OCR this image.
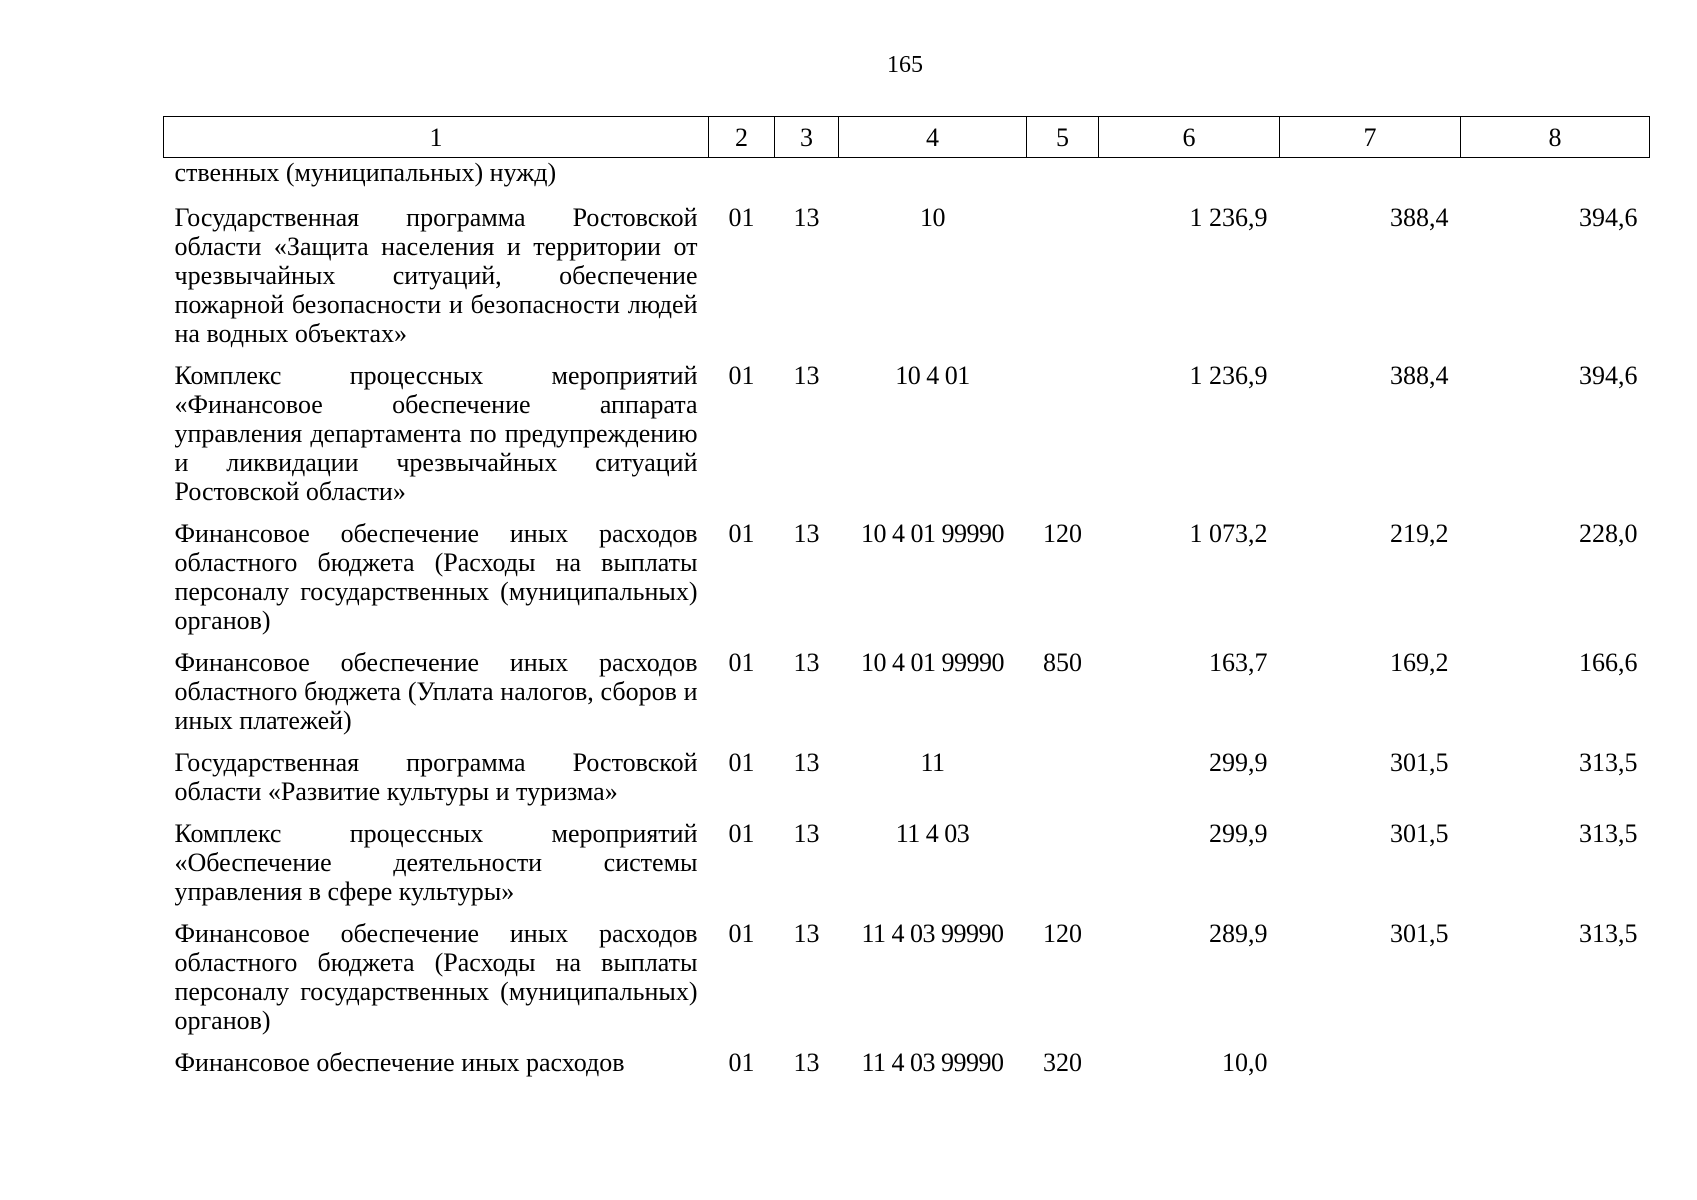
165
1	2	3	4	5	6	7	8
ственных (муниципальных) нужд)							
Государственная программа Ростовской области «Защита населения и территории от чрезвычайных ситуаций, обеспечение пожарной безопасности и безопасности людей на водных объектах»	01	13	10		1 236,9	388,4	394,6
Комплекс процессных мероприятий «Финансовое обеспечение аппарата управления департамента по предупреждению и ликвидации чрезвычайных ситуаций Ростовской области»	01	13	10 4 01		1 236,9	388,4	394,6
Финансовое обеспечение иных расходов областного бюджета (Расходы на выплаты персоналу государственных (муниципальных) органов)	01	13	10 4 01 99990	120	1 073,2	219,2	228,0
Финансовое обеспечение иных расходов областного бюджета (Уплата налогов, сборов и иных платежей)	01	13	10 4 01 99990	850	163,7	169,2	166,6
Государственная программа Ростовской области «Развитие культуры и туризма»	01	13	11		299,9	301,5	313,5
Комплекс процессных мероприятий «Обеспечение деятельности системы управления в сфере культуры»	01	13	11 4 03		299,9	301,5	313,5
Финансовое обеспечение иных расходов областного бюджета (Расходы на выплаты персоналу государственных (муниципальных) органов)	01	13	11 4 03 99990	120	289,9	301,5	313,5
Финансовое обеспечение иных расходов	01	13	11 4 03 99990	320	10,0		
